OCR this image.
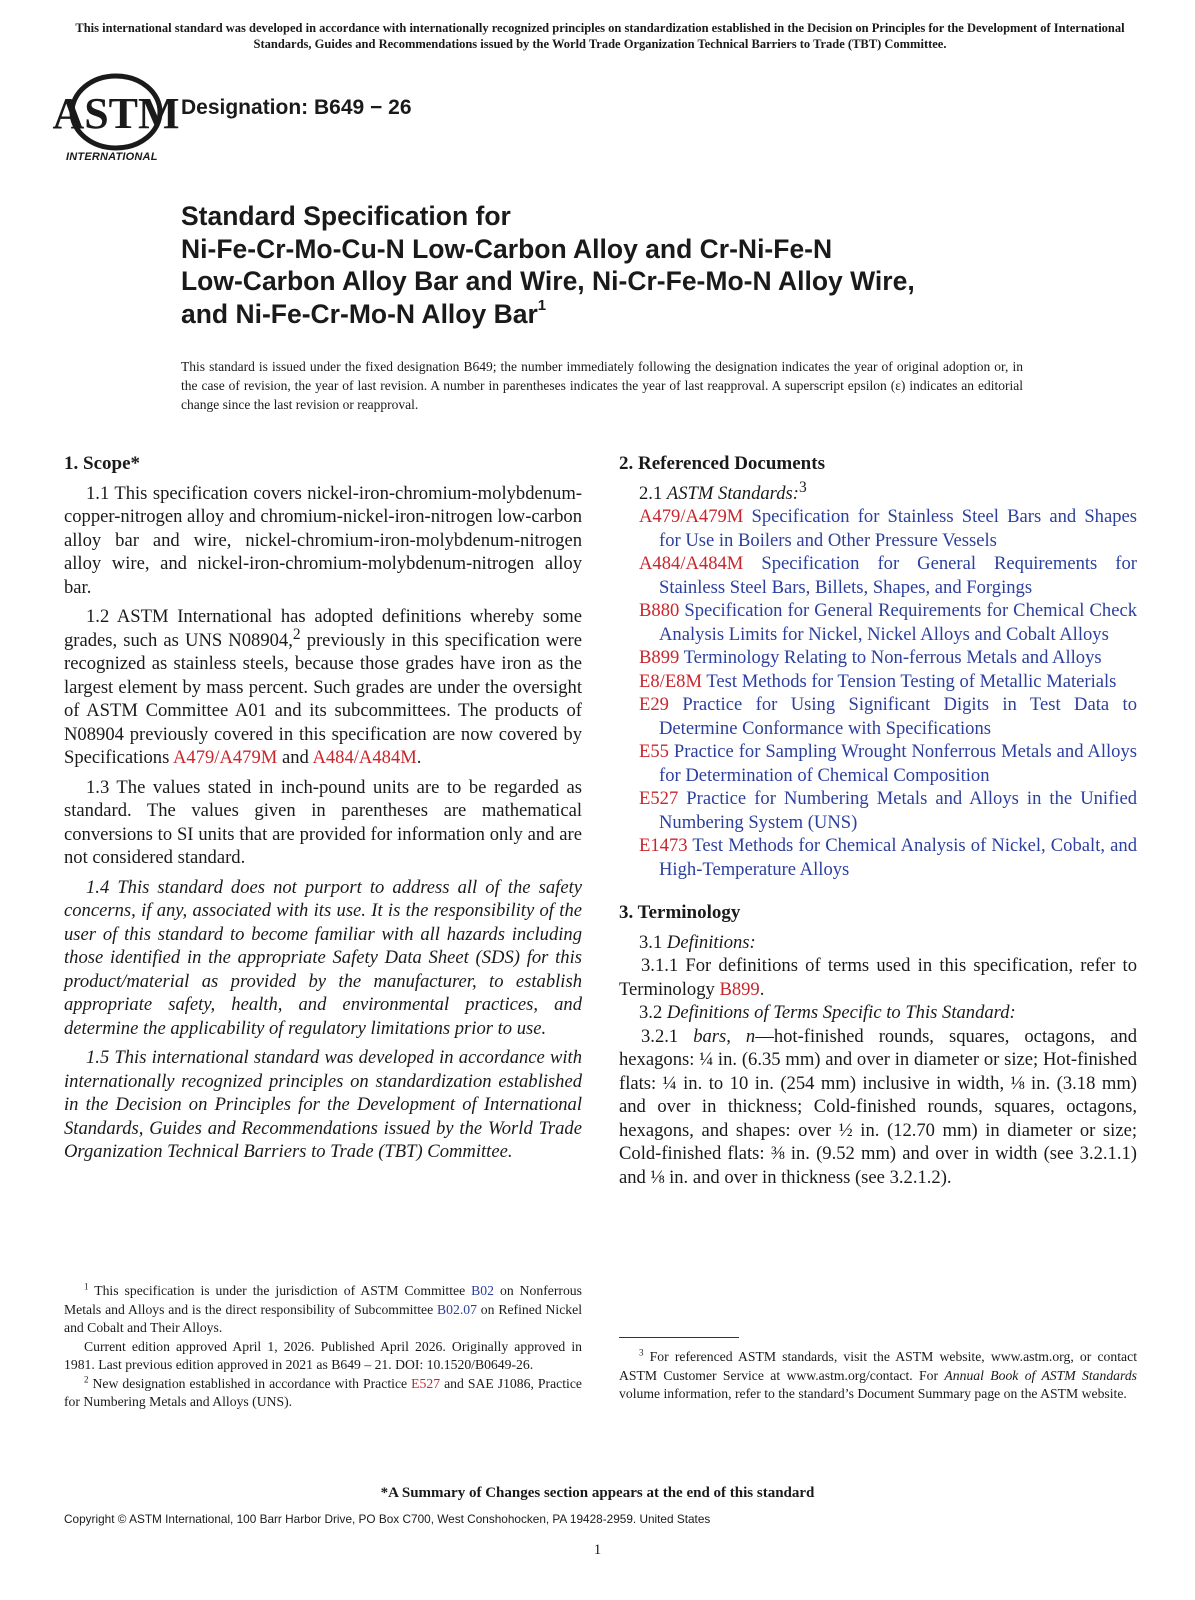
This international standard was developed in accordance with internationally recognized principles on standardization established in the Decision on Principles for the Development of International Standards, Guides and Recommendations issued by the World Trade Organization Technical Barriers to Trade (TBT) Committee.
ASTM
INTERNATIONAL
Designation: B649 − 26
Standard Specification for
Ni-Fe-Cr-Mo-Cu-N Low-Carbon Alloy and Cr-Ni-Fe-N
Low-Carbon Alloy Bar and Wire, Ni-Cr-Fe-Mo-N Alloy Wire,
and Ni-Fe-Cr-Mo-N Alloy Bar$^1$
This standard is issued under the fixed designation B649; the number immediately following the designation indicates the year of original adoption or, in the case of revision, the year of last revision. A number in parentheses indicates the year of last reapproval. A superscript epsilon (ε) indicates an editorial change since the last revision or reapproval.
1. Scope*

1.1 This specification covers nickel-iron-chromium-molybdenum-copper-nitrogen alloy and chromium-nickel-iron-nitrogen low-carbon alloy bar and wire, nickel-chromium-iron-molybdenum-nitrogen alloy wire, and nickel-iron-chromium-molybdenum-nitrogen alloy bar.

1.2 ASTM International has adopted definitions whereby some grades, such as UNS N08904,$^2$ previously in this specification were recognized as stainless steels, because those grades have iron as the largest element by mass percent. Such grades are under the oversight of ASTM Committee A01 and its subcommittees. The products of N08904 previously covered in this specification are now covered by Specifications A479/A479M and A484/A484M.

1.3 The values stated in inch-pound units are to be regarded as standard. The values given in parentheses are mathematical conversions to SI units that are provided for information only and are not considered standard.

1.4 This standard does not purport to address all of the safety concerns, if any, associated with its use. It is the responsibility of the user of this standard to become familiar with all hazards including those identified in the appropriate Safety Data Sheet (SDS) for this product/material as provided by the manufacturer, to establish appropriate safety, health, and environmental practices, and determine the applicability of regulatory limitations prior to use.

1.5 This international standard was developed in accordance with internationally recognized principles on standardization established in the Decision on Principles for the Development of International Standards, Guides and Recommendations issued by the World Trade Organization Technical Barriers to Trade (TBT) Committee.

2. Referenced Documents

2.1 ASTM Standards:$^3$

A479/A479M Specification for Stainless Steel Bars and Shapes for Use in Boilers and Other Pressure Vessels

A484/A484M Specification for General Requirements for Stainless Steel Bars, Billets, Shapes, and Forgings

B880 Specification for General Requirements for Chemical Check Analysis Limits for Nickel, Nickel Alloys and Cobalt Alloys

B899 Terminology Relating to Non-ferrous Metals and Alloys

E8/E8M Test Methods for Tension Testing of Metallic Materials

E29 Practice for Using Significant Digits in Test Data to Determine Conformance with Specifications

E55 Practice for Sampling Wrought Nonferrous Metals and Alloys for Determination of Chemical Composition

E527 Practice for Numbering Metals and Alloys in the Unified Numbering System (UNS)

E1473 Test Methods for Chemical Analysis of Nickel, Cobalt, and High-Temperature Alloys

3. Terminology

3.1 Definitions:

3.1.1 For definitions of terms used in this specification, refer to Terminology B899.

3.2 Definitions of Terms Specific to This Standard:

3.2.1 bars, n—hot-finished rounds, squares, octagons, and hexagons: ¼ in. (6.35 mm) and over in diameter or size; Hot-finished flats: ¼ in. to 10 in. (254 mm) inclusive in width, ⅛ in. (3.18 mm) and over in thickness; Cold-finished rounds, squares, octagons, hexagons, and shapes: over ½ in. (12.70 mm) in diameter or size; Cold-finished flats: ⅜ in. (9.52 mm) and over in width (see 3.2.1.1) and ⅛ in. and over in thickness (see 3.2.1.2).

$^1$ This specification is under the jurisdiction of ASTM Committee B02 on Nonferrous Metals and Alloys and is the direct responsibility of Subcommittee B02.07 on Refined Nickel and Cobalt and Their Alloys.

Current edition approved April 1, 2026. Published April 2026. Originally approved in 1981. Last previous edition approved in 2021 as B649 – 21. DOI: 10.1520/B0649-26.

$^2$ New designation established in accordance with Practice E527 and SAE J1086, Practice for Numbering Metals and Alloys (UNS).

$^3$ For referenced ASTM standards, visit the ASTM website, www.astm.org, or contact ASTM Customer Service at www.astm.org/contact. For Annual Book of ASTM Standards volume information, refer to the standard’s Document Summary page on the ASTM website.

*A Summary of Changes section appears at the end of this standard
Copyright © ASTM International, 100 Barr Harbor Drive, PO Box C700, West Conshohocken, PA 19428-2959. United States
1
